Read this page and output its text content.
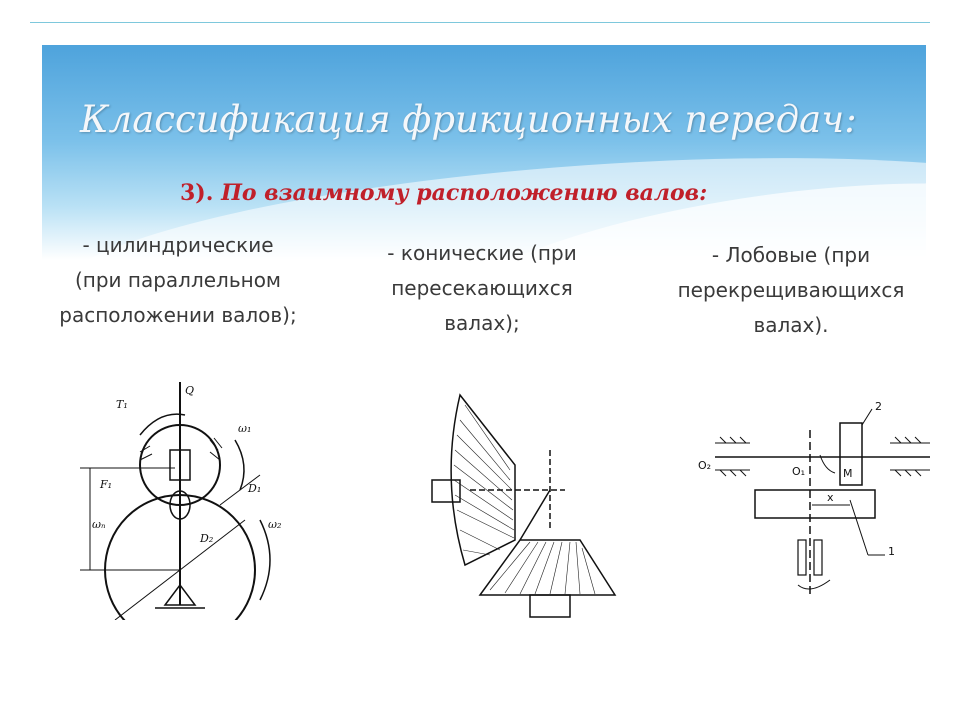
Классификация фрикционных передач:
3). По взаимному расположению валов:
- цилиндрические
(при параллельном
расположении валов);
- конические (при
пересекающихся
валах);
- Лобовые (при
перекрещивающихся
валах).
Q
T₁
ω₁
F₁	D₁
ωₙ
D₂
ω₂
O₂	O₁	M
x
2
1
